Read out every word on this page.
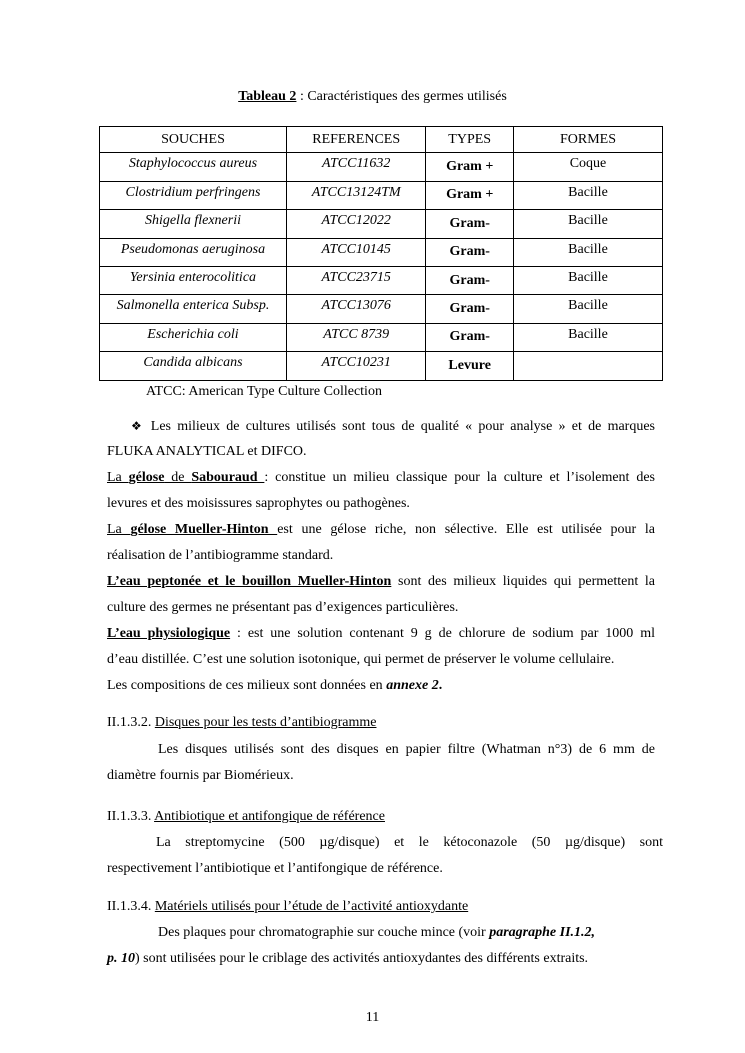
Tableau 2 : Caractéristiques des germes utilisés
SOUCHES	REFERENCES	TYPES	FORMES
Staphylococcus aureus	ATCC11632	Gram +	Coque
Clostridium perfringens	ATCC13124TM	Gram +	Bacille
Shigella flexnerii	ATCC12022	Gram-	Bacille
Pseudomonas aeruginosa	ATCC10145	Gram-	Bacille
Yersinia enterocolitica	ATCC23715	Gram-	Bacille
Salmonella enterica Subsp.	ATCC13076	Gram-	Bacille
Escherichia coli	ATCC 8739	Gram-	Bacille
Candida albicans	ATCC10231	Levure	
ATCC: American Type Culture Collection
❖ Les milieux de cultures utilisés sont tous de qualité « pour analyse » et de marques
FLUKA ANALYTICAL et DIFCO.
La gélose de Sabouraud : constitue un milieu classique pour la culture et l’isolement des
levures et des moisissures saprophytes ou pathogènes.
La gélose Mueller-Hinton est une gélose riche, non sélective. Elle est utilisée pour la
réalisation de l’antibiogramme standard.
L’eau peptonée et le bouillon Mueller-Hinton sont des milieux liquides qui permettent la
culture des germes ne présentant pas d’exigences particulières.
L’eau physiologique : est une solution contenant 9 g de chlorure de sodium par 1000 ml
d’eau distillée. C’est une solution isotonique, qui permet de préserver le volume cellulaire.
Les compositions de ces milieux sont données en annexe 2.
II.1.3.2. Disques pour les tests d’antibiogramme
Les disques utilisés sont des disques en papier filtre (Whatman n°3) de 6 mm de
diamètre fournis par Biomérieux.
II.1.3.3. Antibiotique et antifongique de référence
La streptomycine (500 µg/disque) et le kétoconazole (50 µg/disque) sont
respectivement l’antibiotique et l’antifongique de référence.
II.1.3.4. Matériels utilisés pour l’étude de l’activité antioxydante
Des plaques pour chromatographie sur couche mince (voir paragraphe II.1.2,
p. 10) sont utilisées pour le criblage des activités antioxydantes des différents extraits.
11
